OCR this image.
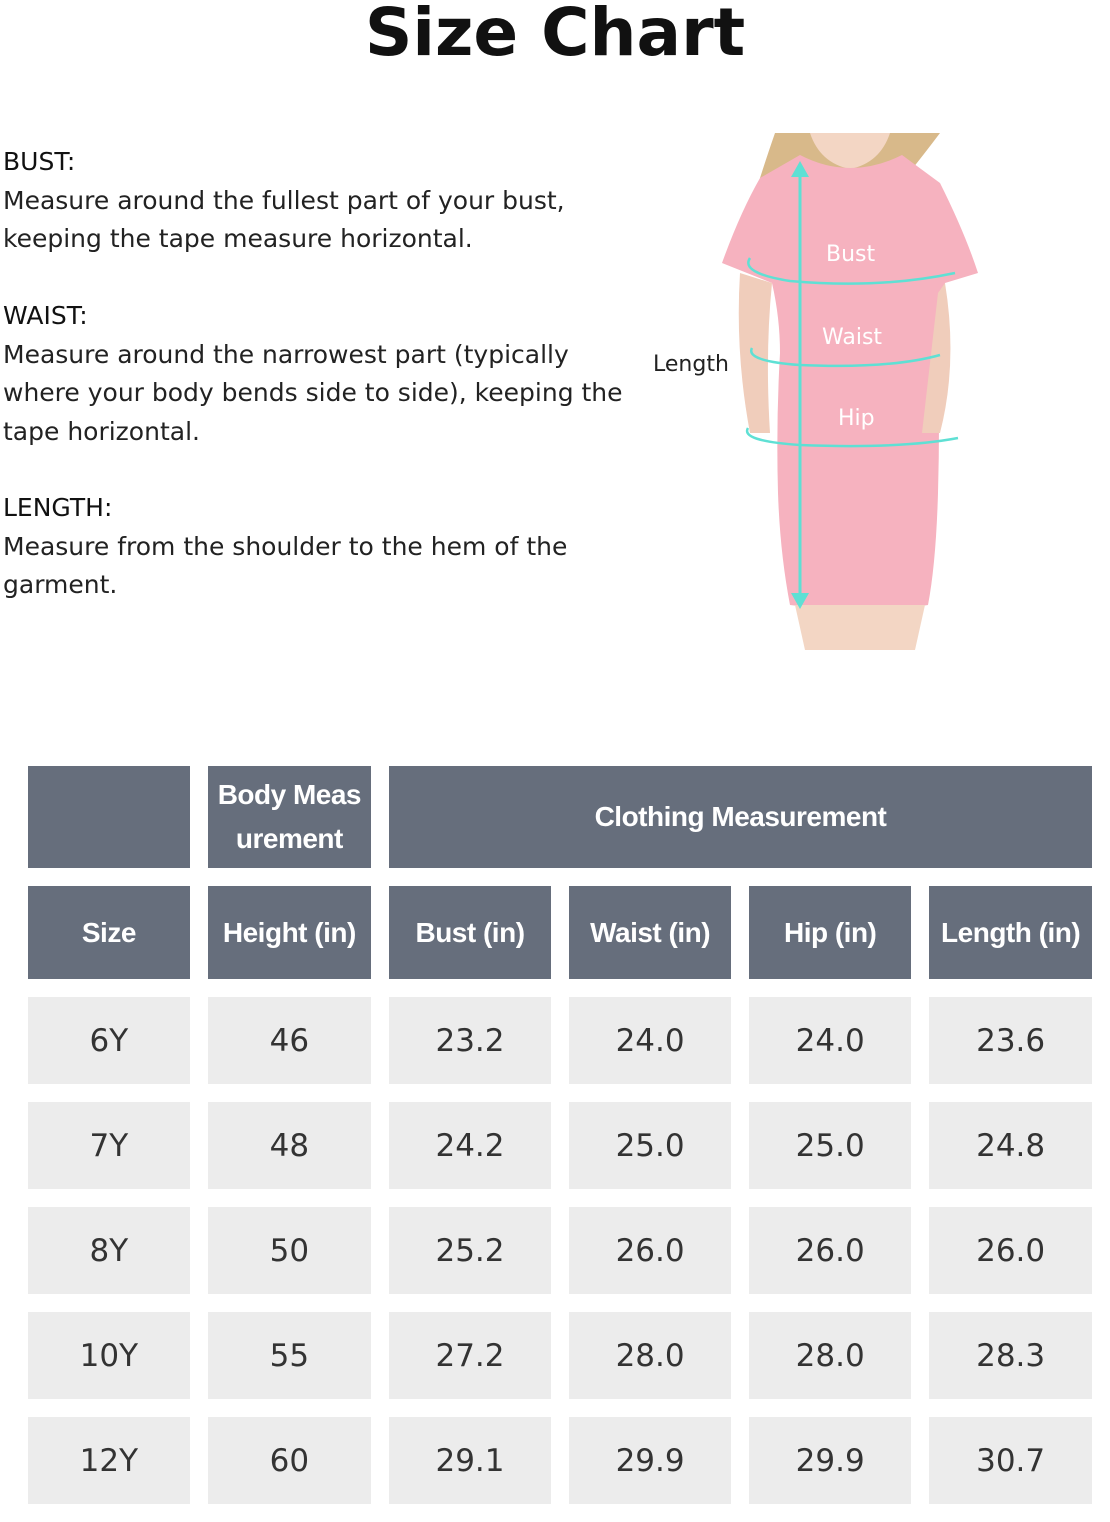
Size Chart
BUST:
Measure around the fullest part of your bust, keeping the tape measure horizontal.
WAIST:
Measure around the narrowest part (typically where your body bends side to side), keeping the tape horizontal.
LENGTH:
Measure from the shoulder to the hem of the garment.
Bust
Waist
Hip
Length
	Body Meas urement	Clothing Measurement			
Size	Height (in)	Bust (in)	Waist (in)	Hip (in)	Length (in)
6Y	46	23.2	24.0	24.0	23.6
7Y	48	24.2	25.0	25.0	24.8
8Y	50	25.2	26.0	26.0	26.0
10Y	55	27.2	28.0	28.0	28.3
12Y	60	29.1	29.9	29.9	30.7
